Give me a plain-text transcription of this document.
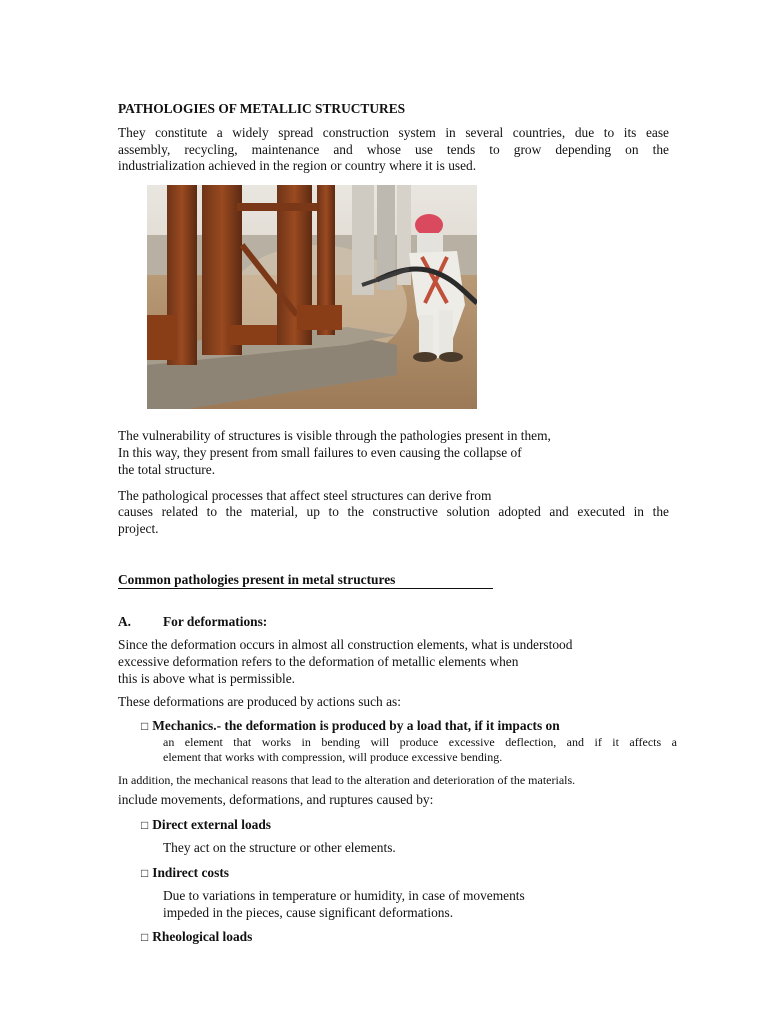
PATHOLOGIES OF METALLIC STRUCTURES
They constitute a widely spread construction system in several countries, due to its ease
assembly, recycling, maintenance and whose use tends to grow depending on the
industrialization achieved in the region or country where it is used.
The vulnerability of structures is visible through the pathologies present in them,
In this way, they present from small failures to even causing the collapse of
the total structure.
The pathological processes that affect steel structures can derive from
causes related to the material, up to the constructive solution adopted and executed in the
project.
Common pathologies present in metal structures
A. For deformations:
Since the deformation occurs in almost all construction elements, what is understood
excessive deformation refers to the deformation of metallic elements when
this is above what is permissible.
These deformations are produced by actions such as:
□ Mechanics.- the deformation is produced by a load that, if it impacts on
an element that works in bending will produce excessive deflection, and if it affects a
element that works with compression, will produce excessive bending.
In addition, the mechanical reasons that lead to the alteration and deterioration of the materials.
include movements, deformations, and ruptures caused by:
□ Direct external loads
They act on the structure or other elements.
□ Indirect costs
Due to variations in temperature or humidity, in case of movements
impeded in the pieces, cause significant deformations.
□ Rheological loads
